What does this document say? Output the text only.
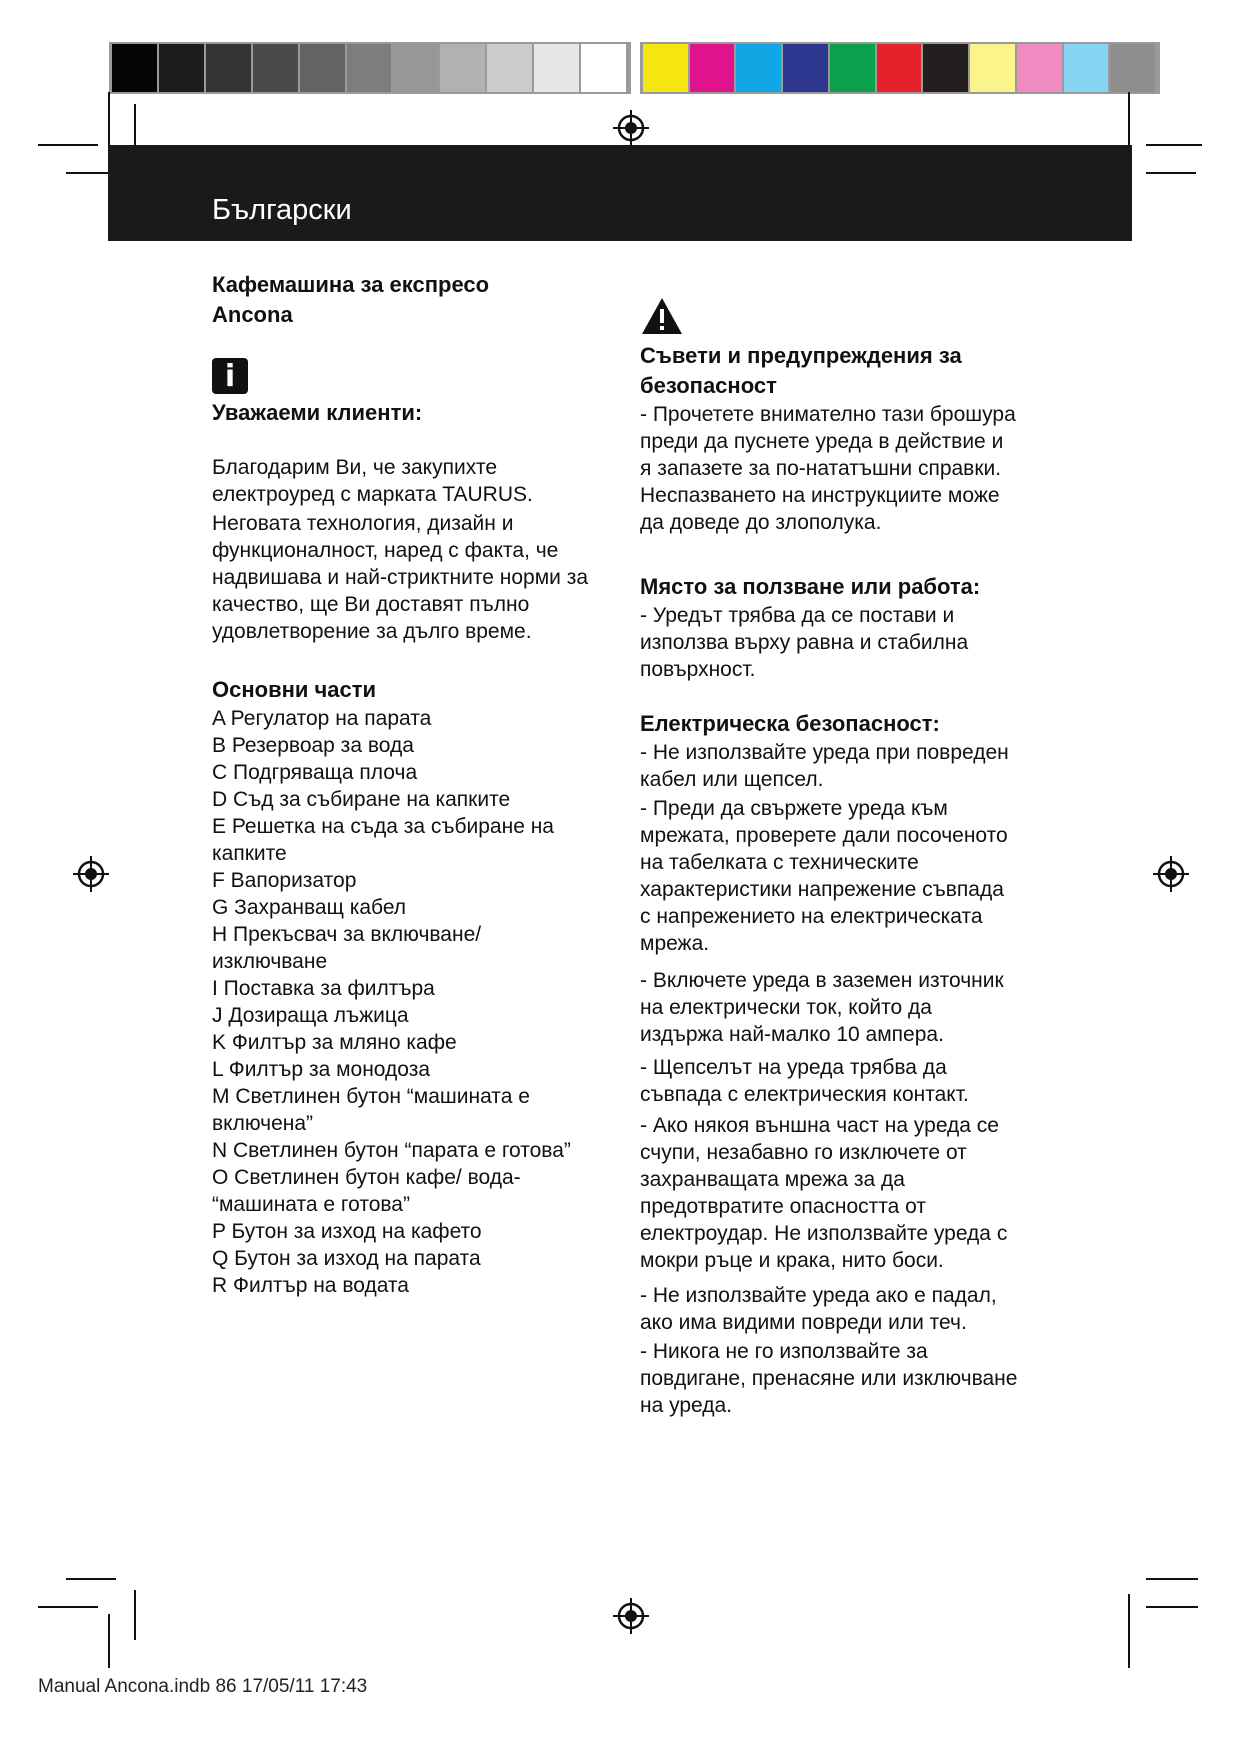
Български
Кафемашина за експресо
Ancona
i
Уважаеми клиенти:

Благодарим Ви, че закупихте електроуред с марката TAURUS.

Неговата технология, дизайн и функционалност, наред с факта, че надвишава и най-стриктните норми за качество, ще Ви доставят пълно удовлетворение за дълго време.

Основни части
A Регулатор на парата
B Резервоар за вода
C Подгряваща плоча
D Съд за събиране на капките
E Решетка на съда за събиране на капките
F Вапоризатор
G Захранващ кабел
H Прекъсвач за включване/ изключване
I Поставка за филтъра
J Дозираща лъжица
K Филтър за мляно кафе
L Филтър за монодоза
M Светлинен бутон “машината е включена”
N Светлинен бутон “парата е готова”
O Светлинен бутон кафе/ вода- “машината е готова”
P Бутон за изход на кафето
Q Бутон за изход на парата
R Филтър на водата
Съвети и предупреждения за
безопасност

- Прочетете внимателно тази брошура преди да пуснете уреда в действие и я запазете за по-нататъшни справки. Неспазването на инструкциите може да доведе до злополука.

Място за ползване или работа:

- Уредът трябва да се постави и използва върху равна и стабилна повърхност.

Електрическа безопасност:

- Не използвайте уреда при повреден кабел или щепсел.

- Преди да свържете уреда към мрежата, проверете дали посоченото на табелката с техническите характеристики напрежение съвпада с напрежението на електрическата мрежа.

- Включете уреда в заземен източник на електрически ток, който да издържа най-малко 10 ампера.

- Щепселът на уреда трябва да съвпада с електрическия контакт.

- Ако някоя външна част на уреда се счупи, незабавно го изключете от захранващата мрежа за да предотвратите опасността от електроудар. Не използвайте уреда с мокри ръце и крака, нито боси.

- Не използвайте уреда ако е падал, ако има видими повреди или теч.

- Никога не го използвайте за повдигане, пренасяне или изключване на уреда.

Manual Ancona.indb 86 17/05/11 17:43
